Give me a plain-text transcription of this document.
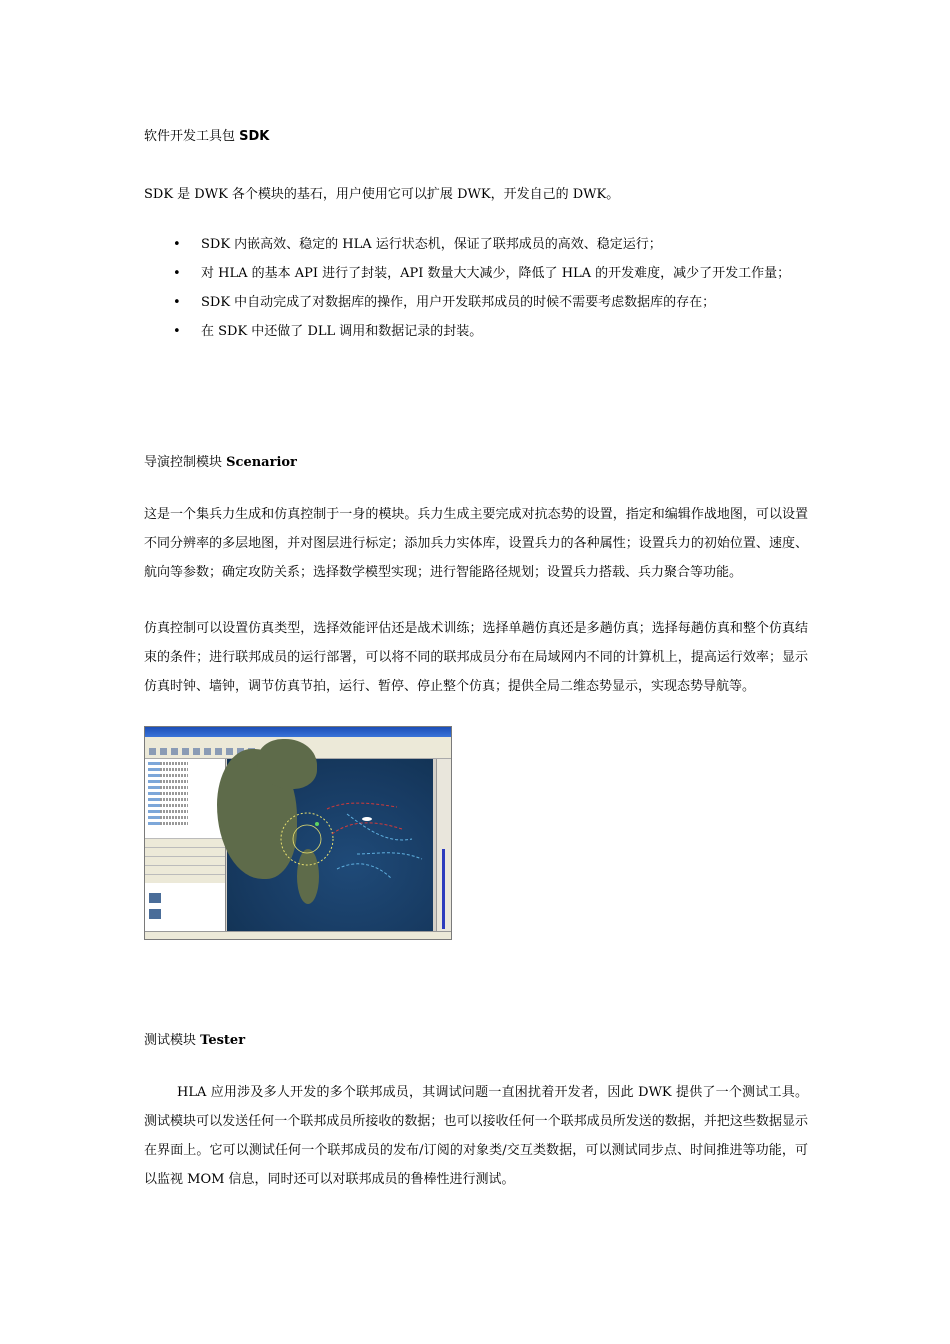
软件开发工具包 SDK
SDK 是 DWK 各个模块的基石，用户使用它可以扩展 DWK，开发自己的 DWK。
• SDK 内嵌高效、稳定的 HLA 运行状态机，保证了联邦成员的高效、稳定运行；
• 对 HLA 的基本 API 进行了封装，API 数量大大减少，降低了 HLA 的开发难度，减少了开发工作量；
• SDK 中自动完成了对数据库的操作，用户开发联邦成员的时候不需要考虑数据库的存在；
• 在 SDK 中还做了 DLL 调用和数据记录的封装。
导演控制模块 Scenarior
这是一个集兵力生成和仿真控制于一身的模块。兵力生成主要完成对抗态势的设置，指定和编辑作战地图，可以设置不同分辨率的多层地图，并对图层进行标定；添加兵力实体库，设置兵力的各种属性；设置兵力的初始位置、速度、航向等参数；确定攻防关系；选择数学模型实现；进行智能路径规划；设置兵力搭载、兵力聚合等功能。
仿真控制可以设置仿真类型，选择效能评估还是战术训练；选择单趟仿真还是多趟仿真；选择每趟仿真和整个仿真结束的条件；进行联邦成员的运行部署，可以将不同的联邦成员分布在局域网内不同的计算机上，提高运行效率；显示仿真时钟、墙钟，调节仿真节拍，运行、暂停、停止整个仿真；提供全局二维态势显示，实现态势导航等。
测试模块 Tester
HLA 应用涉及多人开发的多个联邦成员，其调试问题一直困扰着开发者，因此 DWK 提供了一个测试工具。测试模块可以发送任何一个联邦成员所接收的数据；也可以接收任何一个联邦成员所发送的数据，并把这些数据显示在界面上。它可以测试任何一个联邦成员的发布/订阅的对象类/交互类数据，可以测试同步点、时间推进等功能，可以监视 MOM 信息，同时还可以对联邦成员的鲁棒性进行测试。
